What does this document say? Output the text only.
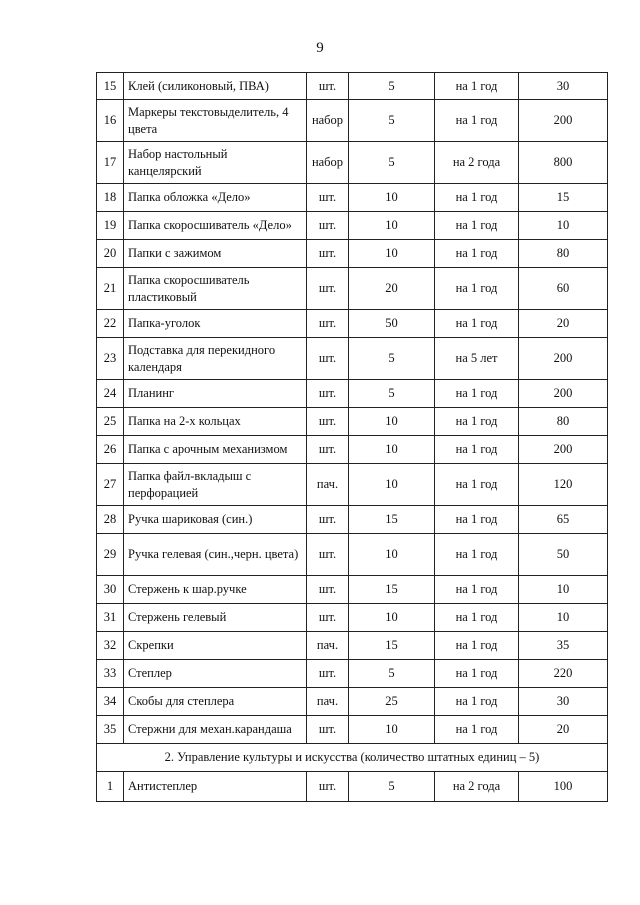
9
15	Клей (силиконовый, ПВА)	шт.	5	на 1 год	30
16	Маркеры текстовыделитель, 4 цвета	набор	5	на 1 год	200
17	Набор настольный канцелярский	набор	5	на 2 года	800
18	Папка обложка «Дело»	шт.	10	на 1 год	15
19	Папка скоросшиватель «Дело»	шт.	10	на 1 год	10
20	Папки с зажимом	шт.	10	на 1 год	80
21	Папка скоросшиватель пластиковый	шт.	20	на 1 год	60
22	Папка-уголок	шт.	50	на 1 год	20
23	Подставка для перекидного календаря	шт.	5	на 5 лет	200
24	Планинг	шт.	5	на 1 год	200
25	Папка на 2-х кольцах	шт.	10	на 1 год	80
26	Папка с арочным механизмом	шт.	10	на 1 год	200
27	Папка файл-вкладыш с перфорацией	пач.	10	на 1 год	120
28	Ручка шариковая (син.)	шт.	15	на 1 год	65
29	Ручка гелевая (син.,черн. цвета)	шт.	10	на 1 год	50
30	Стержень к шар.ручке	шт.	15	на 1 год	10
31	Стержень гелевый	шт.	10	на 1 год	10
32	Скрепки	пач.	15	на 1 год	35
33	Степлер	шт.	5	на 1 год	220
34	Скобы для степлера	пач.	25	на 1 год	30
35	Стержни для механ.карандаша	шт.	10	на 1 год	20
2. Управление культуры и искусства (количество штатных единиц – 5)					
1	Антистеплер	шт.	5	на 2 года	100
